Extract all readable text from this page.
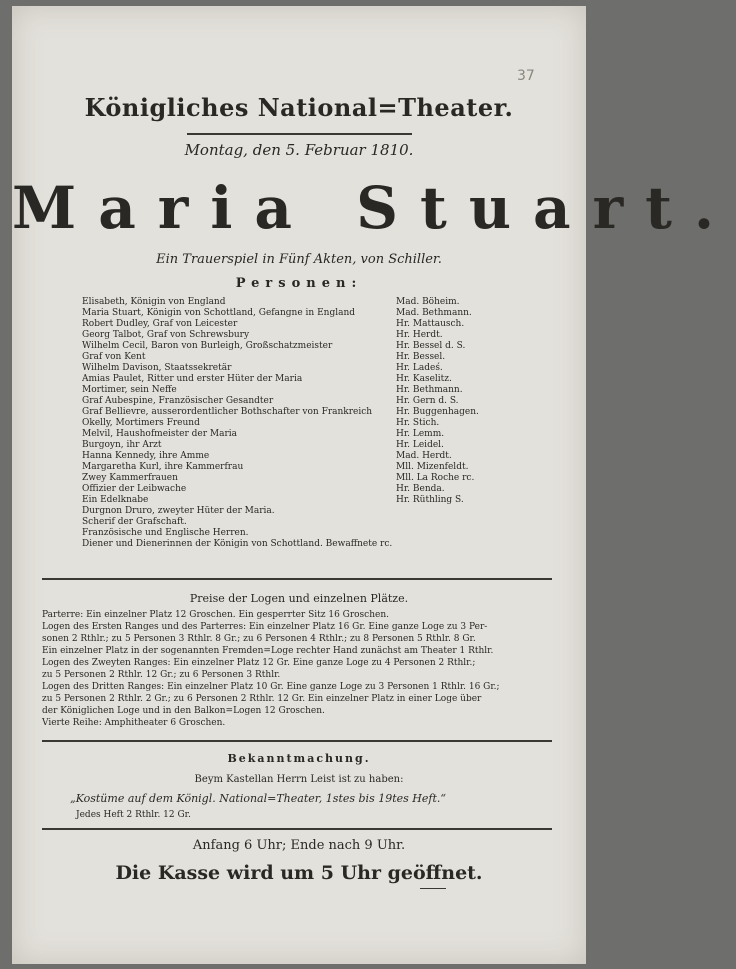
37
Königliches National=Theater.
Montag, den 5. Februar 1810.
Maria Stuart.
Ein Trauerspiel in Fünf Akten, von Schiller.
Personen:
Elisabeth, Königin von England	Mad. Böheim.
Maria Stuart, Königin von Schottland, Gefangne in England	Mad. Bethmann.
Robert Dudley, Graf von Leicester	Hr. Mattausch.
Georg Talbot, Graf von Schrewsbury	Hr. Herdt.
Wilhelm Cecil, Baron von Burleigh, Großschatzmeister	Hr. Bessel d. S.
Graf von Kent	Hr. Bessel.
Wilhelm Davison, Staatssekretär	Hr. Ladeś.
Amias Paulet, Ritter und erster Hüter der Maria	Hr. Kaselitz.
Mortimer, sein Neffe	Hr. Bethmann.
Graf Aubespine, Französischer Gesandter	Hr. Gern d. S.
Graf Bellievre, ausserordentlicher Bothschafter von Frankreich	Hr. Buggenhagen.
Okelly, Mortimers Freund	Hr. Stich.
Melvil, Haushofmeister der Maria	Hr. Lemm.
Burgoyn, ihr Arzt	Hr. Leidel.
Hanna Kennedy, ihre Amme	Mad. Herdt.
Margaretha Kurl, ihre Kammerfrau	Mll. Mizenfeldt.
Zwey Kammerfrauen	Mll. La Roche rc.
Offizier der Leibwache	Hr. Benda.
Ein Edelknabe	Hr. Rüthling S.
Durgnon Druro, zweyter Hüter der Maria.
Scherif der Grafschaft.
Französische und Englische Herren.
Diener und Dienerinnen der Königin von Schottland. Bewaffnete rc.
Preise der Logen und einzelnen Plätze.
Parterre: Ein einzelner Platz 12 Groschen. Ein gesperrter Sitz 16 Groschen.
Logen des Ersten Ranges und des Parterres: Ein einzelner Platz 16 Gr. Eine ganze Loge zu 3 Per-
sonen 2 Rthlr.; zu 5 Personen 3 Rthlr. 8 Gr.; zu 6 Personen 4 Rthlr.; zu 8 Personen 5 Rthlr. 8 Gr.
Ein einzelner Platz in der sogenannten Fremden=Loge rechter Hand zunächst am Theater 1 Rthlr.
Logen des Zweyten Ranges: Ein einzelner Platz 12 Gr. Eine ganze Loge zu 4 Personen 2 Rthlr.;
zu 5 Personen 2 Rthlr. 12 Gr.; zu 6 Personen 3 Rthlr.
Logen des Dritten Ranges: Ein einzelner Platz 10 Gr. Eine ganze Loge zu 3 Personen 1 Rthlr. 16 Gr.;
zu 5 Personen 2 Rthlr. 2 Gr.; zu 6 Personen 2 Rthlr. 12 Gr. Ein einzelner Platz in einer Loge über
der Königlichen Loge und in den Balkon=Logen 12 Groschen.
Vierte Reihe: Amphitheater 6 Groschen.
Bekanntmachung.
Beym Kastellan Herrn Leist ist zu haben:
„Kostüme auf dem Königl. National=Theater, 1stes bis 19tes Heft.“
Jedes Heft 2 Rthlr. 12 Gr.
Anfang 6 Uhr; Ende nach 9 Uhr.
Die Kasse wird um 5 Uhr geöffnet.
